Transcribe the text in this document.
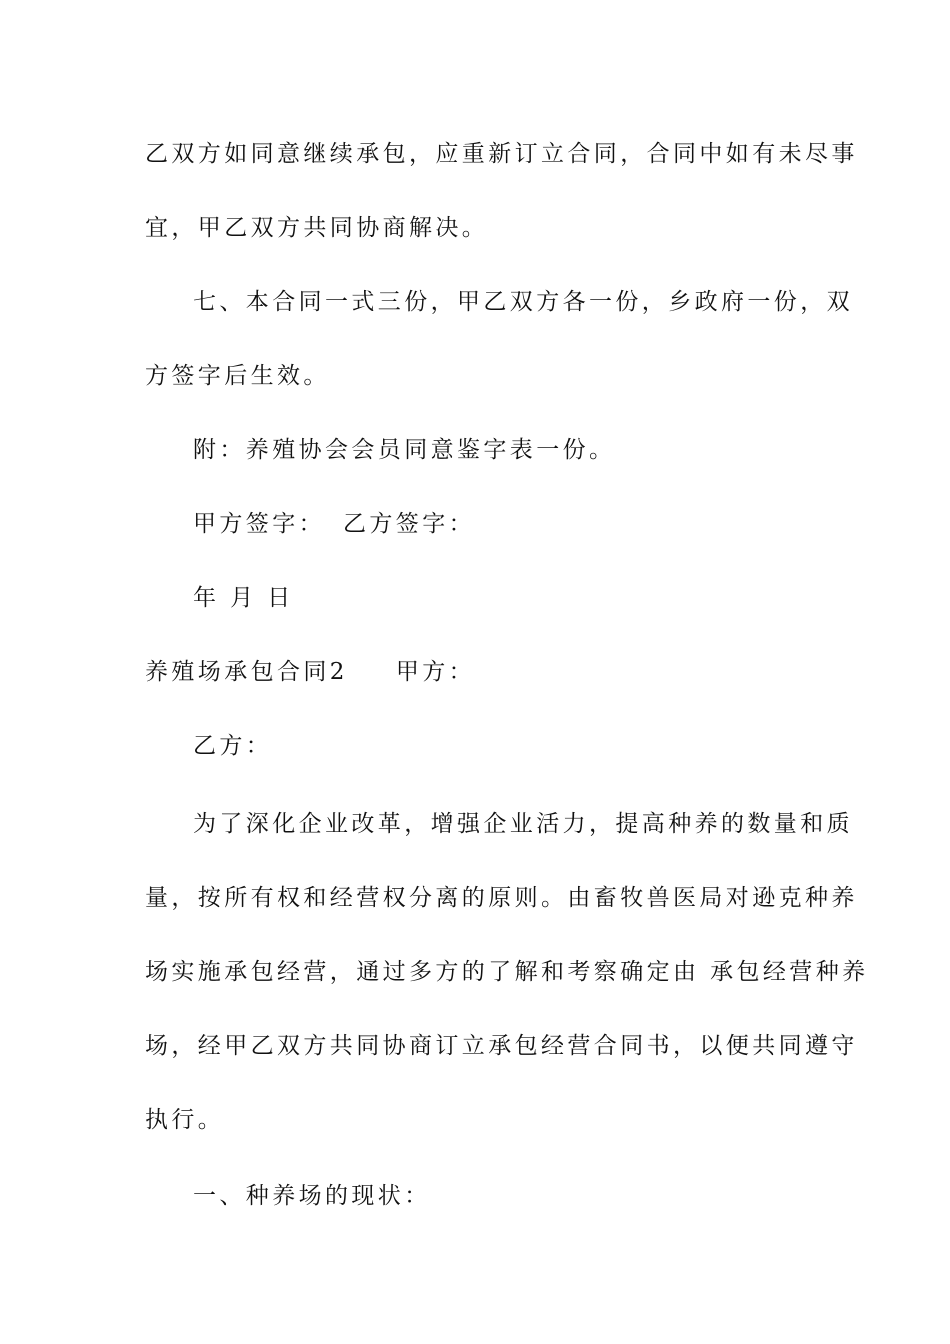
乙双方如同意继续承包，应重新订立合同，合同中如有未尽事
宜，甲乙双方共同协商解决。
七、本合同一式三份，甲乙双方各一份，乡政府一份，双
方签字后生效。
附：养殖协会会员同意鉴字表一份。
甲方签字： 乙方签字：
年 月 日
养殖场承包合同2 甲方：
乙方：
为了深化企业改革，增强企业活力，提高种养的数量和质
量，按所有权和经营权分离的原则。由畜牧兽医局对逊克种养
场实施承包经营，通过多方的了解和考察确定由 承包经营种养
场，经甲乙双方共同协商订立承包经营合同书，以便共同遵守
执行。
一、种养场的现状：
